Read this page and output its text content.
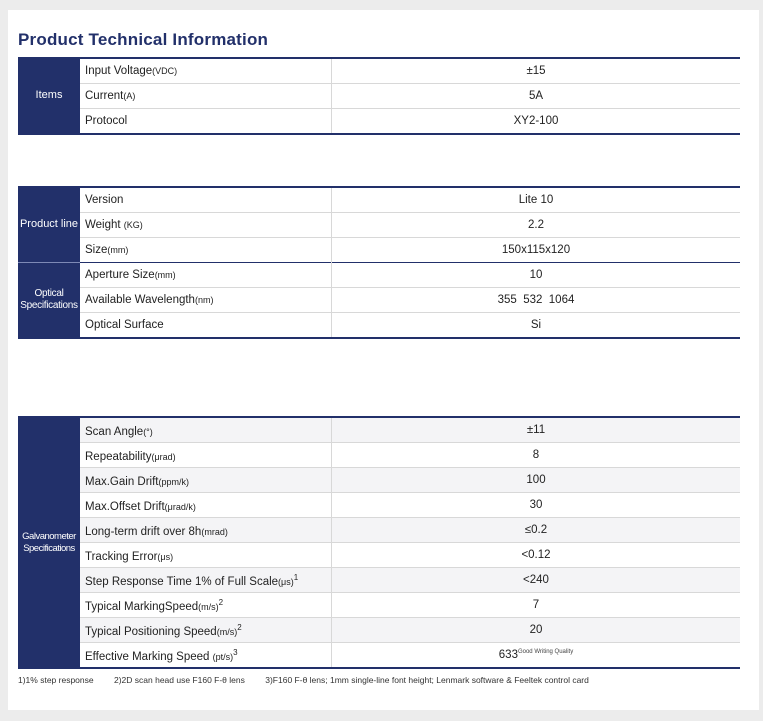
Product Technical Information
Items	Input Voltage(VDC)	±15
	Current(A)	5A
	Protocol	XY2-100
Product line	Version	Lite 10
	Weight (KG)	2.2
	Size(mm)	150x115x120
Optical Specifications	Aperture Size(mm)	10
	Available Wavelength(nm)	355  532  1064
	Optical Surface	Si
Galvanometer Specifications	Scan Angle(°)	±11
	Repeatability(μrad)	8
	Max.Gain Drift(ppm/k)	100
	Max.Offset Drift(μrad/k)	30
	Long-term drift over 8h(mrad)	≤0.2
	Tracking Error(μs)	<0.12
	Step Response Time 1% of Full $Scale(\mu s)^1$	<240
	Typical $MarkingSpeed(m/s)^2$	7
	Typical Positioning $Speed(m/s)^2$	20
	Effective Marking Speed $(pt/s)^3$	$633^{Good Writing Quality}$
1)1% step response 2)2D scan head use F160 F-θ lens 3)F160 F-θ lens; 1mm single-line font height; Lenmark software & Feeltek control card
